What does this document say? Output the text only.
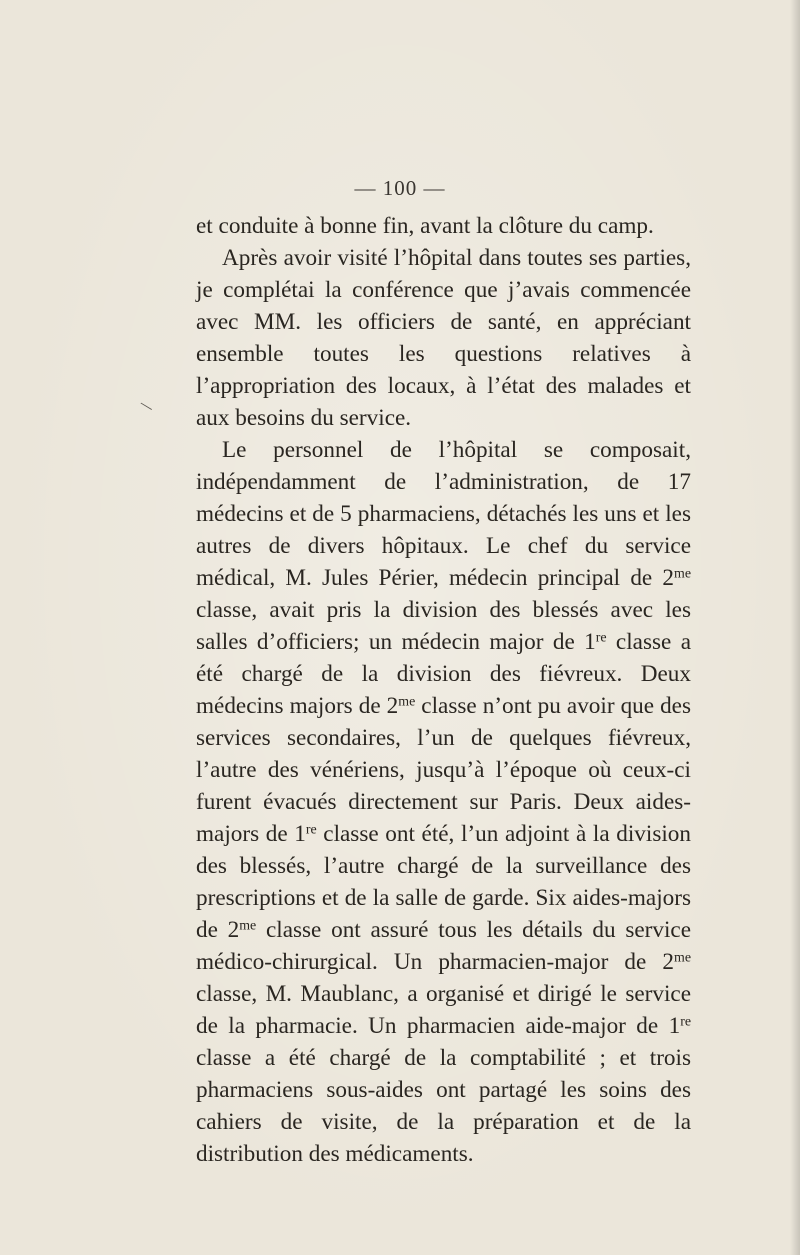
— 100 —
\

et conduite à bonne fin, avant la clôture du camp.

Après avoir visité l’hôpital dans toutes ses parties, je complétai la conférence que j’avais commencée avec MM. les officiers de santé, en appréciant ensemble toutes les questions relatives à l’appropriation des locaux, à l’état des malades et aux besoins du service.

Le personnel de l’hôpital se composait, indépendamment de l’administration, de 17 médecins et de 5 pharmaciens, détachés les uns et les autres de divers hôpitaux. Le chef du service médical, M. Jules Périer, médecin principal de $2^{me}$ classe, avait pris la division des blessés avec les salles d’officiers; un médecin major de 1re classe a été chargé de la division des fiévreux. Deux médecins majors de $2^{me}$ classe n’ont pu avoir que des services secondaires, l’un de quelques fiévreux, l’autre des vénériens, jusqu’à l’époque où ceux-ci furent évacués directement sur Paris. Deux aides-majors de 1re classe ont été, l’un adjoint à la division des blessés, l’autre chargé de la surveillance des prescriptions et de la salle de garde. Six aides-majors de $2^{me}$ classe ont assuré tous les détails du service médico-chirurgical. Un pharmacien-major de $2^{me}$ classe, M. Maublanc, a organisé et dirigé le service de la pharmacie. Un pharmacien aide-major de 1re classe a été chargé de la comptabilité ; et trois pharmaciens sous-aides ont partagé les soins des cahiers de visite, de la préparation et de la distribution des médicaments.
